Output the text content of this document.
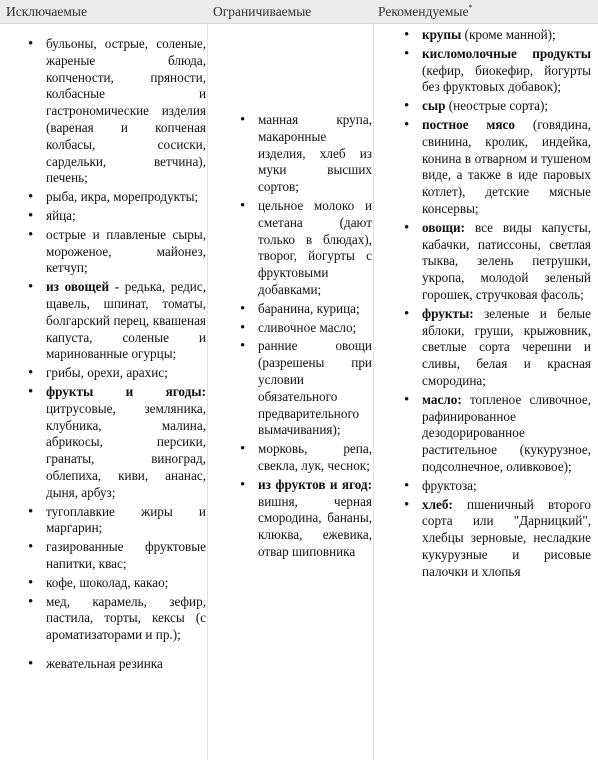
Исключаемые	Ограничиваемые	Рекомендуемые*
• бульоны, острые, соленые, жареные блюда, копчености, пряности, колбасные и гастрономические изделия (вареная и копченая колбасы, сосиски, сардельки, ветчина), печень;
• рыба, икра, морепродукты;
• яйца;
• острые и плавленые сыры, мороженое, майонез, кетчуп;
• из овощей - редька, редис, щавель, шпинат, томаты, болгарский перец, квашеная капуста, соленые и маринованные огурцы;
• грибы, орехи, арахис;
• фрукты и ягоды: цитрусовые, земляника, клубника, малина, абрикосы, персики, гранаты, виноград, облепиха, киви, ананас, дыня, арбуз;
• тугоплавкие жиры и маргарин;
• газированные фруктовые напитки, квас;
• кофе, шоколад, какао;
• мед, карамель, зефир, пастила, торты, кексы (с ароматизаторами и пр.);
• жевательная резинка
• манная крупа, макаронные изделия, хлеб из муки высших сортов;
• цельное молоко и сметана (дают только в блюдах), творог, йогурты с фруктовыми добавками;
• баранина, курица;
• сливочное масло;
• ранние овощи (разрешены при условии обязательного предварительного вымачивания);
• морковь, репа, свекла, лук, чеснок;
• из фруктов и ягод: вишня, черная смородина, бананы, клюква, ежевика, отвар шиповника
• крупы (кроме манной);
• кисломолочные продукты (кефир, биокефир, йогурты без фруктовых добавок);
• сыр (неострые сорта);
• постное мясо (говядина, свинина, кролик, индейка, конина в отварном и тушеном виде, а также в иде паровых котлет), детские мясные консервы;
• овощи: все виды капусты, кабачки, патиссоны, светлая тыква, зелень петрушки, укропа, молодой зеленый горошек, стручковая фасоль;
• фрукты: зеленые и белые яблоки, груши, крыжовник, светлые сорта черешни и сливы, белая и красная смородина;
• масло: топленое сливочное, рафинированное дезодорированное растительное (кукурузное, подсолнечное, оливковое);
• фруктоза;
• хлеб: пшеничный второго сорта или "Дарницкий", хлебцы зерновые, несладкие кукурузные и рисовые палочки и хлопья
